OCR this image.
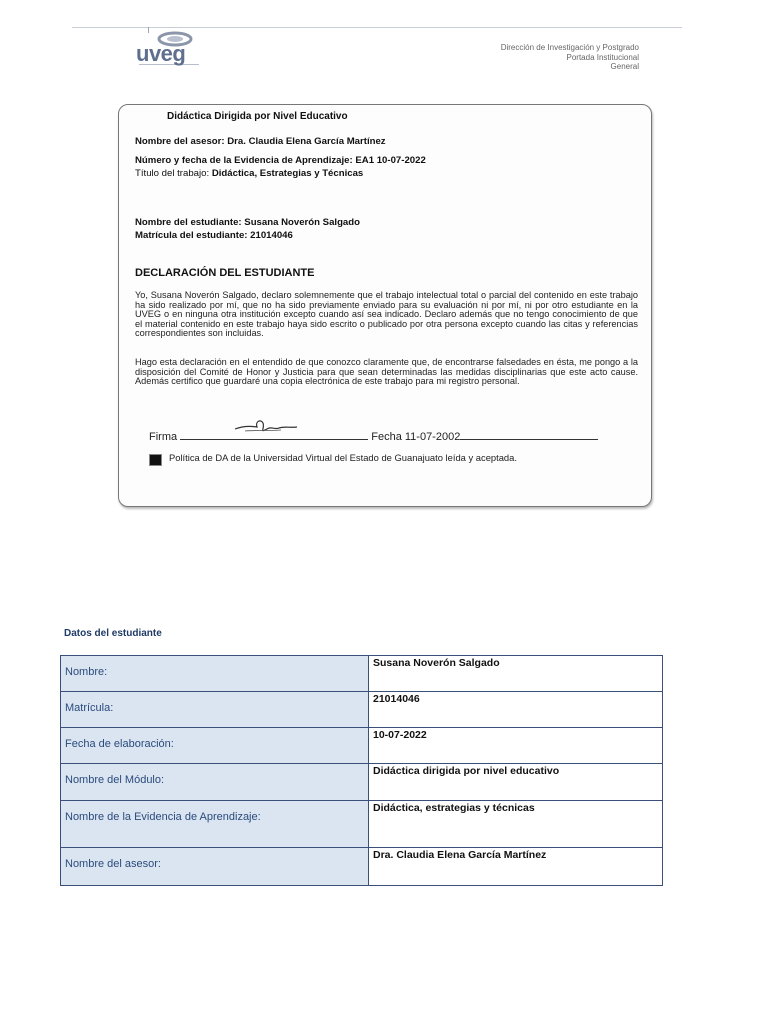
uveg	Dirección de Investigación y Postgrado
Portada Institucional
General
Didáctica Dirigida por Nivel Educativo
Nombre del asesor: Dra. Claudia Elena García Martínez
Número y fecha de la Evidencia de Aprendizaje: EA1 10-07-2022
Título del trabajo: Didáctica, Estrategias y Técnicas
Nombre del estudiante: Susana Noverón Salgado
Matrícula del estudiante: 21014046
DECLARACIÓN DEL ESTUDIANTE
Yo, Susana Noverón Salgado, declaro solemnemente que el trabajo intelectual total o parcial del contenido en este trabajo ha sido realizado por mí, que no ha sido previamente enviado para su evaluación ni por mí, ni por otro estudiante en la UVEG o en ninguna otra institución excepto cuando así sea indicado. Declaro además que no tengo conocimiento de que el material contenido en este trabajo haya sido escrito o publicado por otra persona excepto cuando las citas y referencias correspondientes son incluidas.
Hago esta declaración en el entendido de que conozco claramente que, de encontrarse falsedades en ésta, me pongo a la disposición del Comité de Honor y Justicia para que sean determinadas las medidas disciplinarias que este acto cause. Además certifico que guardaré una copia electrónica de este trabajo para mi registro personal.
Firma	Fecha 11-07-2002
Política de DA de la Universidad Virtual del Estado de Guanajuato leída y aceptada.
Datos del estudiante
Nombre:	Susana Noverón Salgado
Matrícula:	21014046
Fecha de elaboración:	10-07-2022
Nombre del Módulo:	Didáctica dirigida por nivel educativo
Nombre de la Evidencia de Aprendizaje:	Didáctica, estrategias y técnicas
Nombre del asesor:	Dra. Claudia Elena García Martínez
